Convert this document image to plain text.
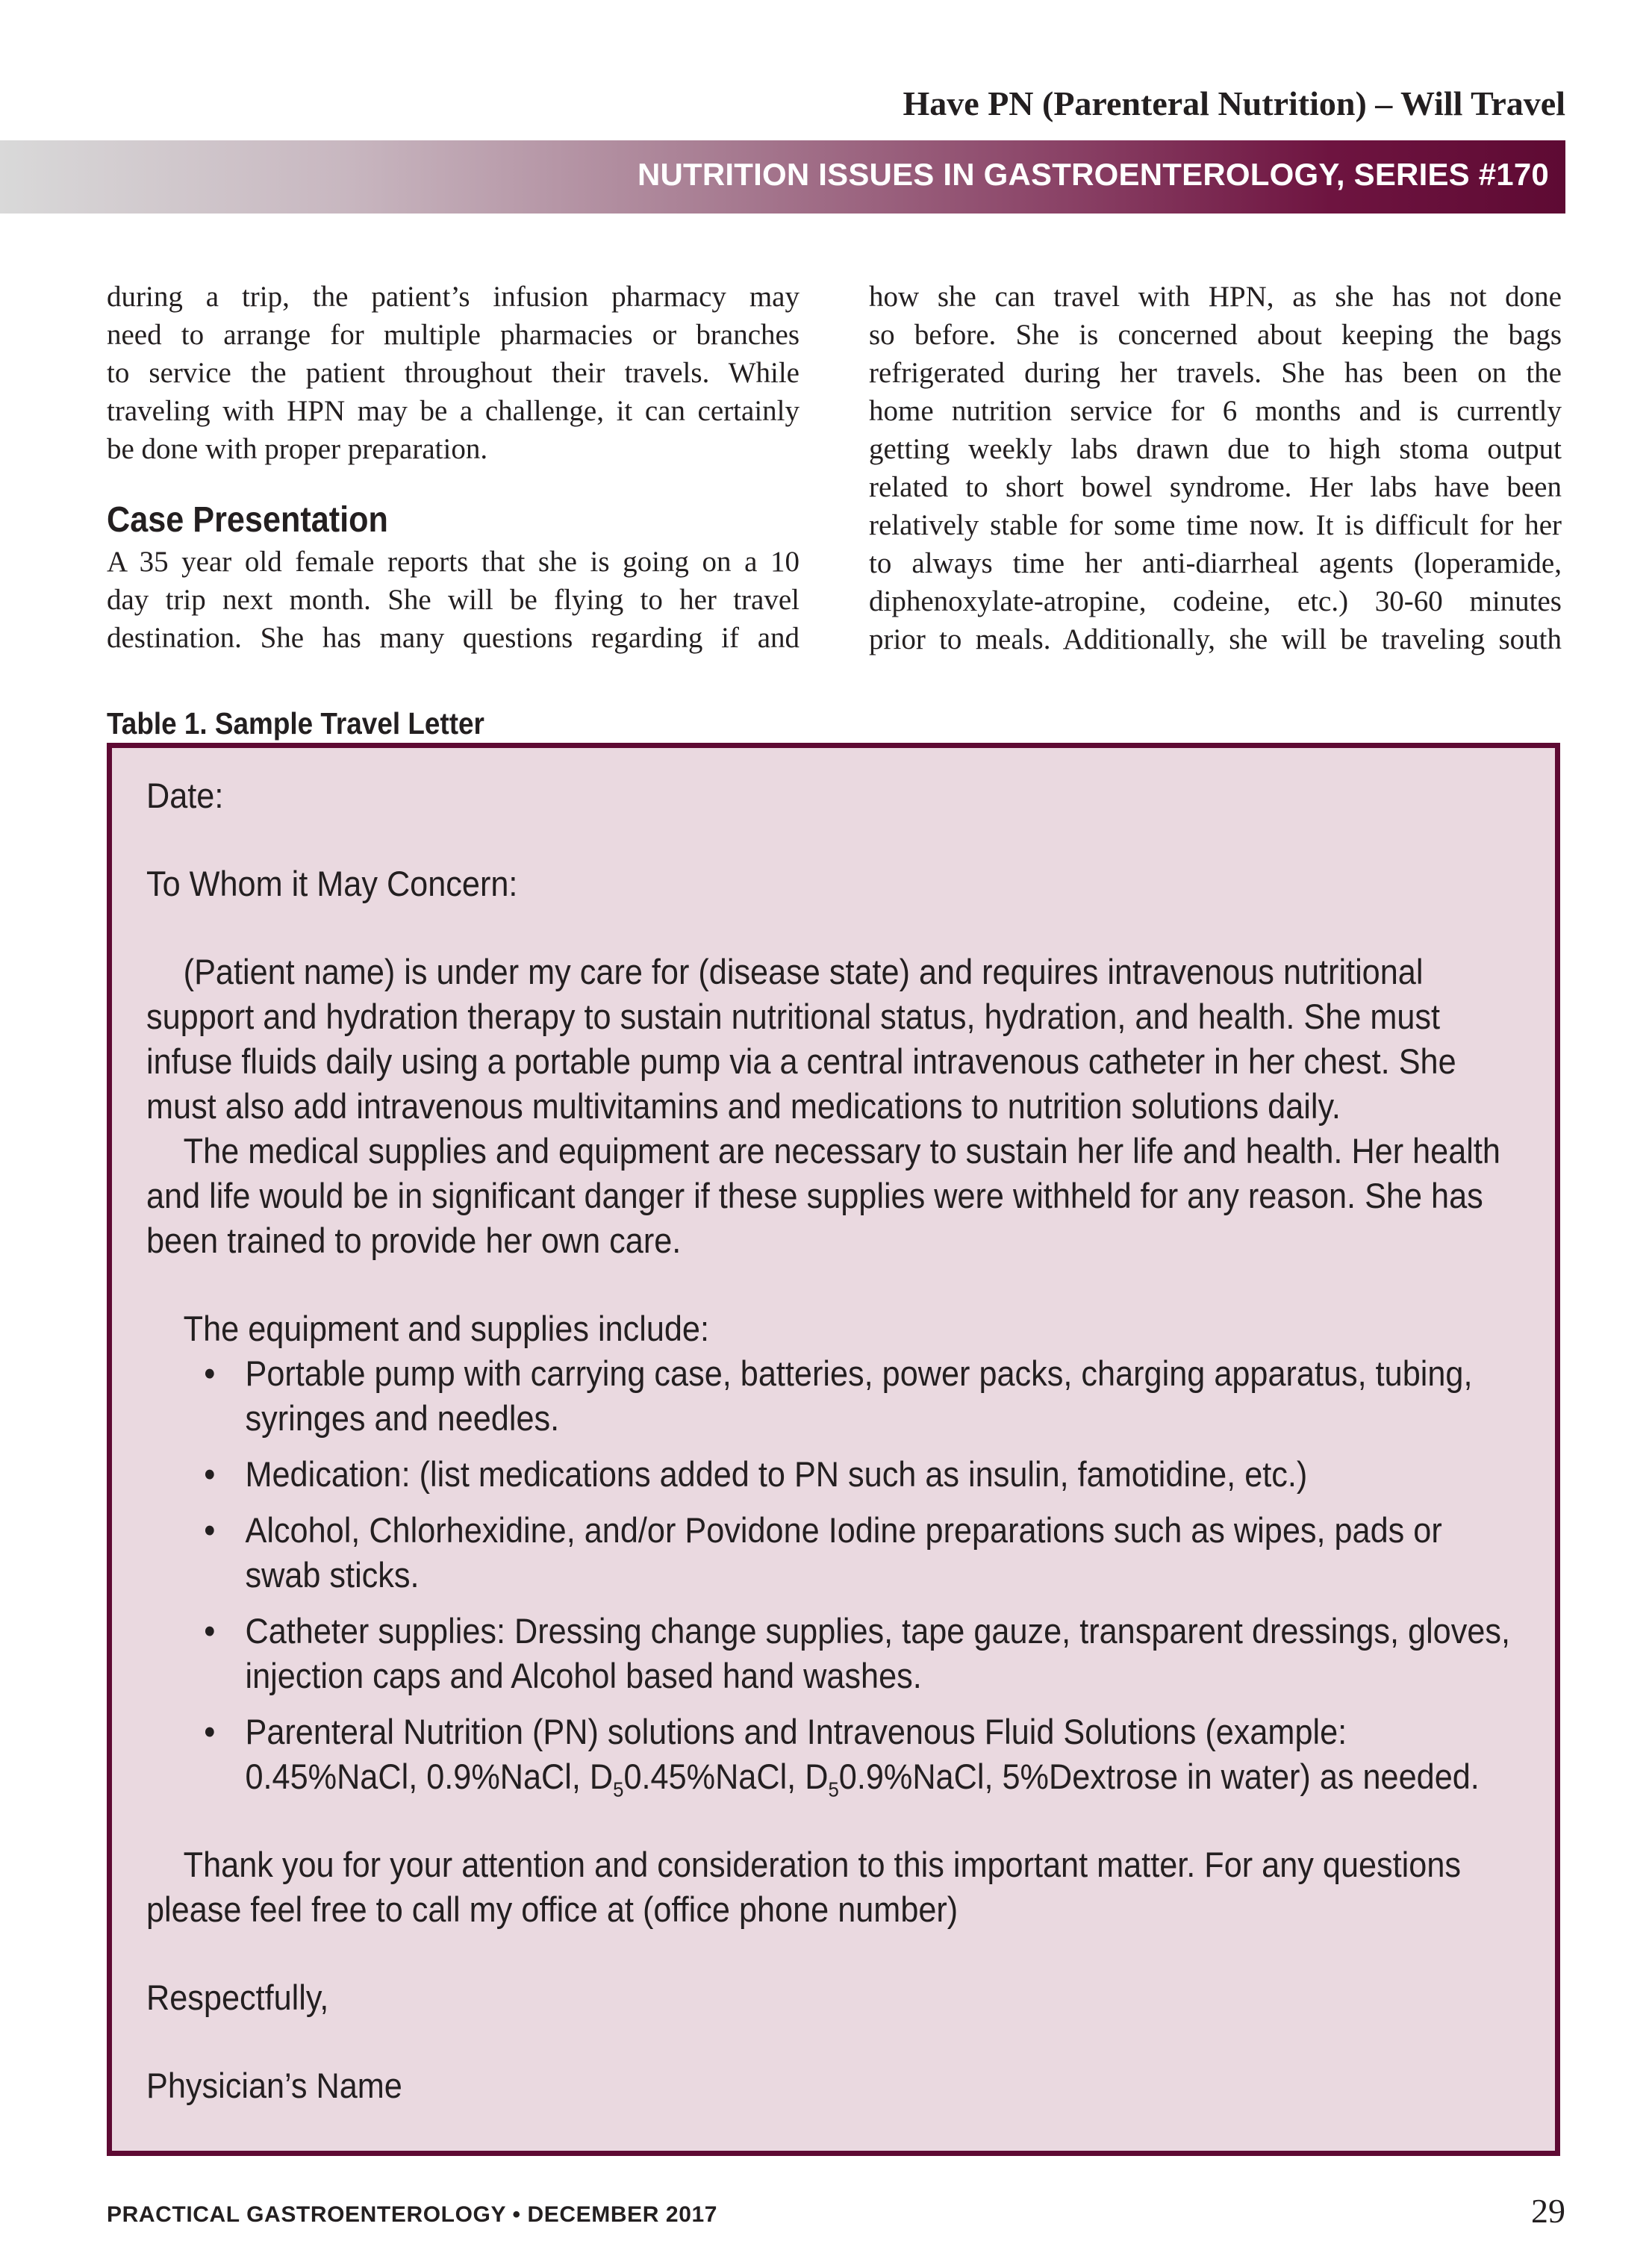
Have PN (Parenteral Nutrition) – Will Travel
NUTRITION ISSUES IN GASTROENTEROLOGY, SERIES #170

during a trip, the patient’s infusion pharmacy may

need to arrange for multiple pharmacies or branches

to service the patient throughout their travels. While

traveling with HPN may be a challenge, it can certainly

be done with proper preparation.

Case Presentation

A 35 year old female reports that she is going on a 10

day trip next month. She will be flying to her travel

destination. She has many questions regarding if and

how she can travel with HPN, as she has not done

so before. She is concerned about keeping the bags

refrigerated during her travels. She has been on the

home nutrition service for 6 months and is currently

getting weekly labs drawn due to high stoma output

related to short bowel syndrome. Her labs have been

relatively stable for some time now. It is difficult for her

to always time her anti-diarrheal agents (loperamide,

diphenoxylate-atropine, codeine, etc.) 30-60 minutes

prior to meals. Additionally, she will be traveling south

Table 1. Sample Travel Letter

Date:

To Whom it May Concern:

(Patient name) is under my care for (disease state) and requires intravenous nutritional support and hydration therapy to sustain nutritional status, hydration, and health. She must infuse fluids daily using a portable pump via a central intravenous catheter in her chest. She must also add intravenous multivitamins and medications to nutrition solutions daily.

The medical supplies and equipment are necessary to sustain her life and health. Her health and life would be in significant danger if these supplies were withheld for any reason. She has been trained to provide her own care.

The equipment and supplies include:

• Portable pump with carrying case, batteries, power packs, charging apparatus, tubing, syringes and needles.
• Medication: (list medications added to PN such as insulin, famotidine, etc.)
• Alcohol, Chlorhexidine, and/or Povidone Iodine preparations such as wipes, pads or swab sticks.
• Catheter supplies: Dressing change supplies, tape gauze, transparent dressings, gloves, injection caps and Alcohol based hand washes.
• Parenteral Nutrition (PN) solutions and Intravenous Fluid Solutions (example:
0.45%NaCl, 0.9%NaCl, $D_50.45\%NaCl$, $D_50.9\%NaCl$, 5%Dextrose in water) as needed.

Thank you for your attention and consideration to this important matter. For any questions please feel free to call my office at (office phone number)

Respectfully,

Physician’s Name

PRACTICAL GASTROENTEROLOGY • DECEMBER 2017	29
